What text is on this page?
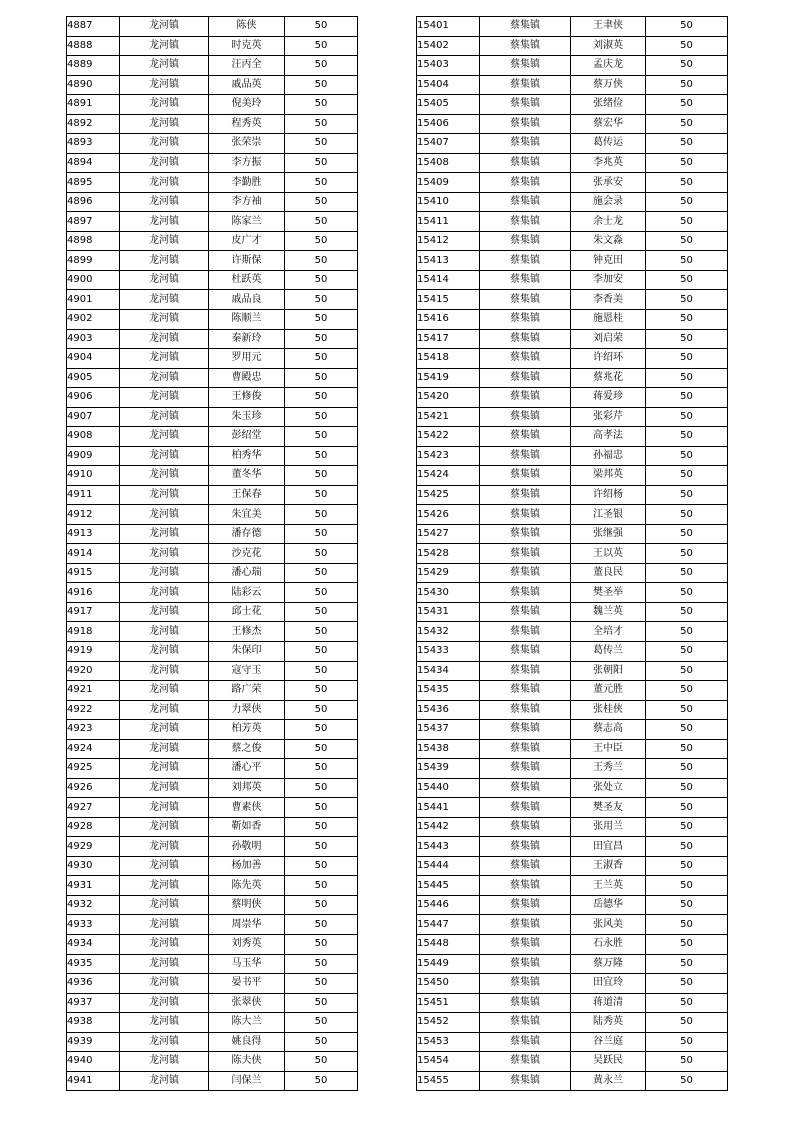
4887	龙河镇	陈侠	50
4888	龙河镇	时克英	50
4889	龙河镇	汪丙全	50
4890	龙河镇	戚品英	50
4891	龙河镇	倪美玲	50
4892	龙河镇	程秀英	50
4893	龙河镇	张荣崇	50
4894	龙河镇	李方振	50
4895	龙河镇	李勤胜	50
4896	龙河镇	李方袖	50
4897	龙河镇	陈家兰	50
4898	龙河镇	皮广才	50
4899	龙河镇	许斯保	50
4900	龙河镇	杜跃英	50
4901	龙河镇	戚品良	50
4902	龙河镇	陈顺兰	50
4903	龙河镇	秦新玲	50
4904	龙河镇	罗用元	50
4905	龙河镇	曹殿忠	50
4906	龙河镇	王修俊	50
4907	龙河镇	朱玉珍	50
4908	龙河镇	彭绍堂	50
4909	龙河镇	柏秀华	50
4910	龙河镇	董冬华	50
4911	龙河镇	王保春	50
4912	龙河镇	朱宜美	50
4913	龙河镇	潘存德	50
4914	龙河镇	沙克花	50
4915	龙河镇	潘心瑞	50
4916	龙河镇	陆彩云	50
4917	龙河镇	邱士花	50
4918	龙河镇	王修杰	50
4919	龙河镇	朱保印	50
4920	龙河镇	寇守玉	50
4921	龙河镇	路广荣	50
4922	龙河镇	力翠侠	50
4923	龙河镇	柏芳英	50
4924	龙河镇	蔡之俊	50
4925	龙河镇	潘心平	50
4926	龙河镇	刘邦英	50
4927	龙河镇	曹素侠	50
4928	龙河镇	靳如香	50
4929	龙河镇	孙敬明	50
4930	龙河镇	杨加善	50
4931	龙河镇	陈先英	50
4932	龙河镇	蔡明侠	50
4933	龙河镇	周崇华	50
4934	龙河镇	刘秀英	50
4935	龙河镇	马玉华	50
4936	龙河镇	晏书平	50
4937	龙河镇	张翠侠	50
4938	龙河镇	陈大兰	50
4939	龙河镇	姚良得	50
4940	龙河镇	陈夫侠	50
4941	龙河镇	闫保兰	50
15401	蔡集镇	王聿侠	50
15402	蔡集镇	刘淑英	50
15403	蔡集镇	孟庆龙	50
15404	蔡集镇	蔡万侠	50
15405	蔡集镇	张绪俭	50
15406	蔡集镇	蔡宏华	50
15407	蔡集镇	葛传运	50
15408	蔡集镇	李兆英	50
15409	蔡集镇	张承安	50
15410	蔡集镇	施会录	50
15411	蔡集镇	余士龙	50
15412	蔡集镇	朱文淼	50
15413	蔡集镇	钟克田	50
15414	蔡集镇	李加安	50
15415	蔡集镇	李香美	50
15416	蔡集镇	施恩桂	50
15417	蔡集镇	刘启荣	50
15418	蔡集镇	许绍环	50
15419	蔡集镇	蔡兆花	50
15420	蔡集镇	蒋爱珍	50
15421	蔡集镇	张彩芹	50
15422	蔡集镇	高孝法	50
15423	蔡集镇	孙福忠	50
15424	蔡集镇	梁邦英	50
15425	蔡集镇	许绍杨	50
15426	蔡集镇	江圣银	50
15427	蔡集镇	张继强	50
15428	蔡集镇	王以英	50
15429	蔡集镇	董良民	50
15430	蔡集镇	樊圣举	50
15431	蔡集镇	魏兰英	50
15432	蔡集镇	全培才	50
15433	蔡集镇	葛传兰	50
15434	蔡集镇	张朝阳	50
15435	蔡集镇	董元胜	50
15436	蔡集镇	张桂侠	50
15437	蔡集镇	蔡志高	50
15438	蔡集镇	王中臣	50
15439	蔡集镇	王秀兰	50
15440	蔡集镇	张处立	50
15441	蔡集镇	樊圣友	50
15442	蔡集镇	张用兰	50
15443	蔡集镇	田宜昌	50
15444	蔡集镇	王淑香	50
15445	蔡集镇	王兰英	50
15446	蔡集镇	岳德华	50
15447	蔡集镇	张风美	50
15448	蔡集镇	石永胜	50
15449	蔡集镇	蔡万隆	50
15450	蔡集镇	田宜玲	50
15451	蔡集镇	蒋道清	50
15452	蔡集镇	陆秀英	50
15453	蔡集镇	谷兰庭	50
15454	蔡集镇	吴跃民	50
15455	蔡集镇	黄永兰	50
